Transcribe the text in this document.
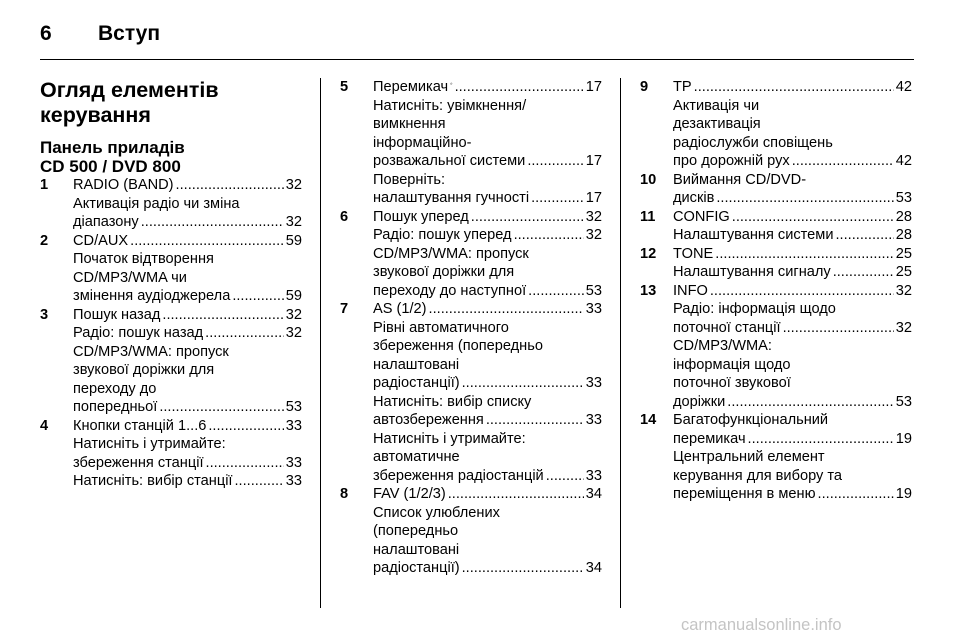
6	Вступ
Огляд елементів
керування
Панель приладів
CD 500 / DVD 800
1 RADIO (BAND) .....	32
Активація радіо чи зміна
діапазону .....	32
2 CD/AUX .....	59
Початок відтворення
CD/MP3/WMA чи
змінення аудіоджерела .....	59
3 Пошук назад .....	32
Радіо: пошук назад .....	32
CD/MP3/WMA: пропуск
звукової доріжки для
переходу до
попередньої .....	53
4 Кнопки станцій 1...6 .....	33
Натисніть і утримайте:
збереження станції .....	33
Натисніть: вибір станції .....	33
5 Перемикач .....	17
Натисніть: увімкнення/
вимкнення
інформаційно-
розважальної системи .....	17
Поверніть:
налаштування гучності .....	17
6 Пошук уперед .....	32
Радіо: пошук уперед .....	32
CD/MP3/WMA: пропуск
звукової доріжки для
переходу до наступної .....	53
7 AS (1/2) .....	33
Рівні автоматичного
збереження (попередньо
налаштовані
радіостанції) .....	33
Натисніть: вибір списку
автозбереження .....	33
Натисніть і утримайте:
автоматичне
збереження радіостанцій .....	33
8 FAV (1/2/3) .....	34
Список улюблених
(попередньо
налаштовані
радіостанції) .....	34
9 TP .....	42
Активація чи
дезактивація
радіослужби сповіщень
про дорожній рух .....	42
10 Виймання CD/DVD-
дисків .....	53
11 CONFIG .....	28
Налаштування системи .....	28
12 TONE .....	25
Налаштування сигналу .....	25
13 INFO .....	32
Радіо: інформація щодо
поточної станції .....	32
CD/MP3/WMA:
інформація щодо
поточної звукової
доріжки .....	53
14 Багатофункціональний
перемикач .....	19
Центральний елемент
керування для вибору та
переміщення в меню .....	19
carmanualsonline.info
